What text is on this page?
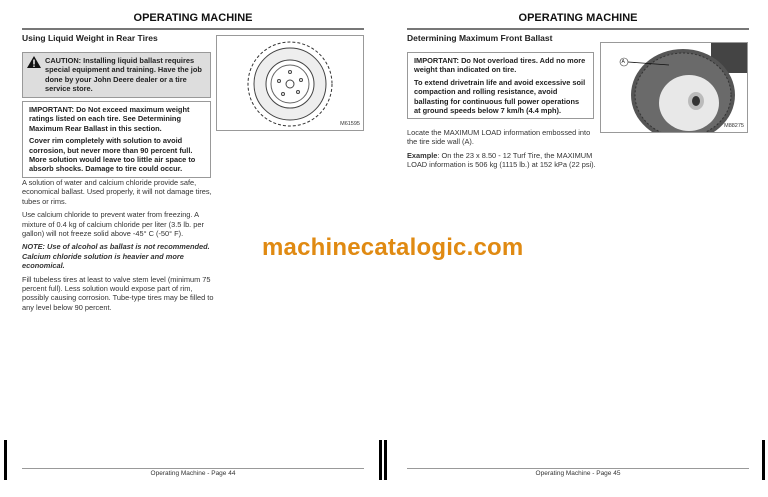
OPERATING MACHINE
Using Liquid Weight in Rear Tires
CAUTION: Installing liquid ballast requires special equipment and training. Have the job done by your John Deere dealer or a tire service store.

IMPORTANT: Do Not exceed maximum weight ratings listed on each tire. See Determining Maximum Rear Ballast in this section.

Cover rim completely with solution to avoid corrosion, but never more than 90 percent full. More solution would leave too little air space to absorb shocks. Damage to tire could occur.

A solution of water and calcium chloride provide safe, economical ballast. Used properly, it will not damage tires, tubes or rims.

Use calcium chloride to prevent water from freezing. A mixture of 0.4 kg of calcium chloride per liter (3.5 lb. per gallon) will not freeze solid above -45° C (-50° F).

NOTE: Use of alcohol as ballast is not recommended. Calcium chloride solution is heavier and more economical.

Fill tubeless tires at least to valve stem level (minimum 75 percent full). Less solution would expose part of rim, possibly causing corrosion. Tube-type tires may be filled to any level below 90 percent.

M61595
Operating Machine - Page 44
OPERATING MACHINE
Determining Maximum Front Ballast

IMPORTANT: Do Not overload tires. Add no more weight than indicated on tire.

To extend drivetrain life and avoid excessive soil compaction and rolling resistance, avoid ballasting for continuous full power operations at ground speeds below 7 km/h (4.4 mph).

Locate the MAXIMUM LOAD information embossed into the tire side wall (A).

Example: On the 23 x 8.50 - 12 Turf Tire, the MAXIMUM LOAD information is 506 kg (1115 lb.) at 152 kPa (22 psi).

A
M88275
Operating Machine - Page 45
machinecatalogic.com
